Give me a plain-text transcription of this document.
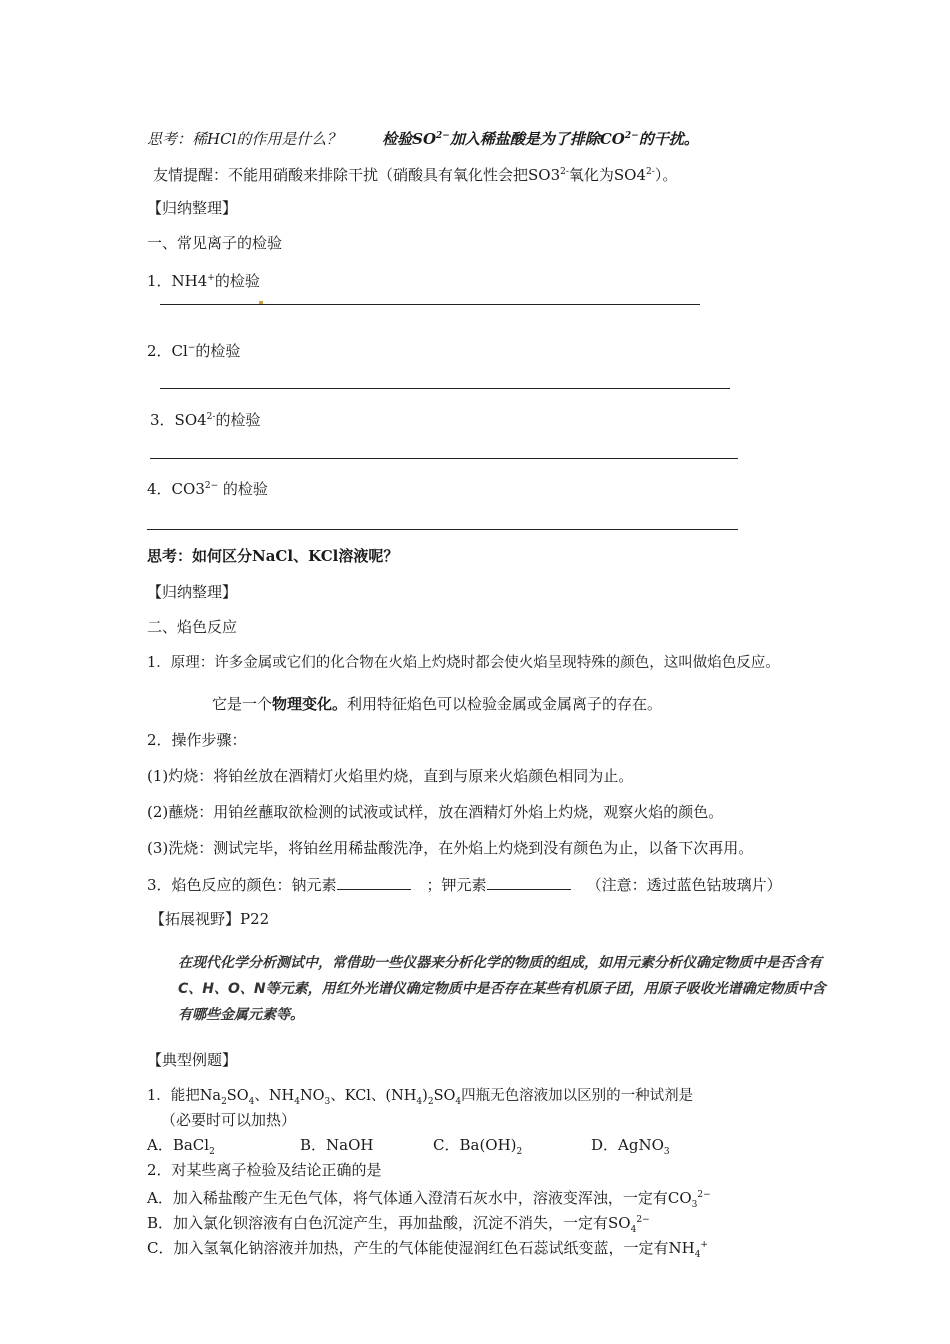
思考：稀HCl的作用是什么？	检验$SO^{2-}$加入稀盐酸是为了排除$CO^{2-}$的干扰。
友情提醒：不能用硝酸来排除干扰（硝酸具有氧化性会把$SO3^{2-}$氧化为$SO4^{2-}$）。
【归纳整理】
一、常见离子的检验
1．NH4+的检验
2．Cl−的检验
3．$SO4^{2-}$的检验
4．$CO3^{2-}$ 的检验
思考：如何区分NaCl、KCl溶液呢？
【归纳整理】
二、焰色反应
1．原理：许多金属或它们的化合物在火焰上灼烧时都会使火焰呈现特殊的颜色，这叫做焰色反应。
它是一个物理变化。利用特征焰色可以检验金属或金属离子的存在。
2．操作步骤：
(1)灼烧：将铂丝放在酒精灯火焰里灼烧，直到与原来火焰颜色相同为止。
(2)蘸烧：用铂丝蘸取欲检测的试液或试样，放在酒精灯外焰上灼烧，观察火焰的颜色。
(3)洗烧：测试完毕，将铂丝用稀盐酸洗净，在外焰上灼烧到没有颜色为止，以备下次再用。
3．焰色反应的颜色：钠元素	；钾元素	（注意：透过蓝色钴玻璃片）
【拓展视野】P22
在现代化学分析测试中，常借助一些仪器来分析化学的物质的组成，如用元素分析仪确定物质中是否含有C、H、O、N等元素，用红外光谱仪确定物质中是否存在某些有机原子团，用原子吸收光谱确定物质中含有哪些金属元素等。
【典型例题】
1．能把$Na_2SO_4$、$NH_4NO_3$、KCl、$(NH_4)_2SO_4$四瓶无色溶液加以区别的一种试剂是
（必要时可以加热）
A．BaCl$_2$	B．NaOH	C．$Ba(OH)_2$	D．AgNO$_3$
2．对某些离子检验及结论正确的是
A．加入稀盐酸产生无色气体，将气体通入澄清石灰水中，溶液变浑浊，一定有$CO_3^{2-}$
B．加入氯化钡溶液有白色沉淀产生，再加盐酸，沉淀不消失，一定有$SO_4^{2-}$
C．加入氢氧化钠溶液并加热，产生的气体能使湿润红色石蕊试纸变蓝，一定有$NH_4^+$
